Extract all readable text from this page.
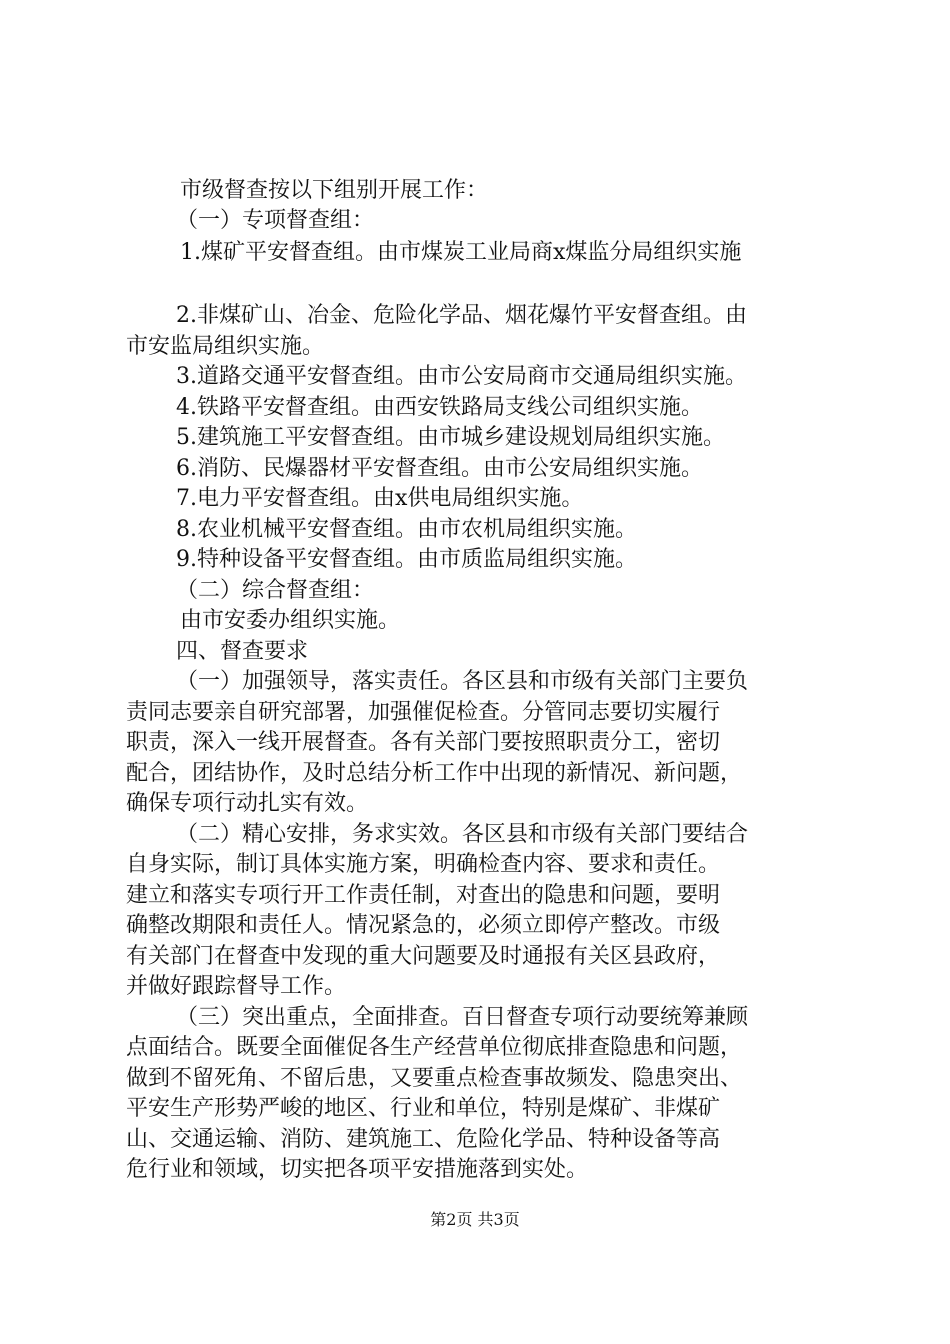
市级督查按以下组别开展工作：
（一）专项督查组：
1.煤矿平安督查组。由市煤炭工业局商x煤监分局组织实施
2.非煤矿山、冶金、危险化学品、烟花爆竹平安督查组。由
市安监局组织实施。
3.道路交通平安督查组。由市公安局商市交通局组织实施。
4.铁路平安督查组。由西安铁路局支线公司组织实施。
5.建筑施工平安督查组。由市城乡建设规划局组织实施。
6.消防、民爆器材平安督查组。由市公安局组织实施。
7.电力平安督查组。由x供电局组织实施。
8.农业机械平安督查组。由市农机局组织实施。
9.特种设备平安督查组。由市质监局组织实施。
（二）综合督查组：
由市安委办组织实施。
四、督查要求
（一）加强领导，落实责任。各区县和市级有关部门主要负
责同志要亲自研究部署，加强催促检查。分管同志要切实履行
职责，深入一线开展督查。各有关部门要按照职责分工，密切
配合，团结协作，及时总结分析工作中出现的新情况、新问题，
确保专项行动扎实有效。
（二）精心安排，务求实效。各区县和市级有关部门要结合
自身实际，制订具体实施方案，明确检查内容、要求和责任。
建立和落实专项行开工作责任制，对查出的隐患和问题，要明
确整改期限和责任人。情况紧急的，必须立即停产整改。市级
有关部门在督查中发现的重大问题要及时通报有关区县政府，
并做好跟踪督导工作。
（三）突出重点，全面排查。百日督查专项行动要统筹兼顾
点面结合。既要全面催促各生产经营单位彻底排查隐患和问题，
做到不留死角、不留后患，又要重点检查事故频发、隐患突出、
平安生产形势严峻的地区、行业和单位，特别是煤矿、非煤矿
山、交通运输、消防、建筑施工、危险化学品、特种设备等高
危行业和领域，切实把各项平安措施落到实处。
第2页 共3页
